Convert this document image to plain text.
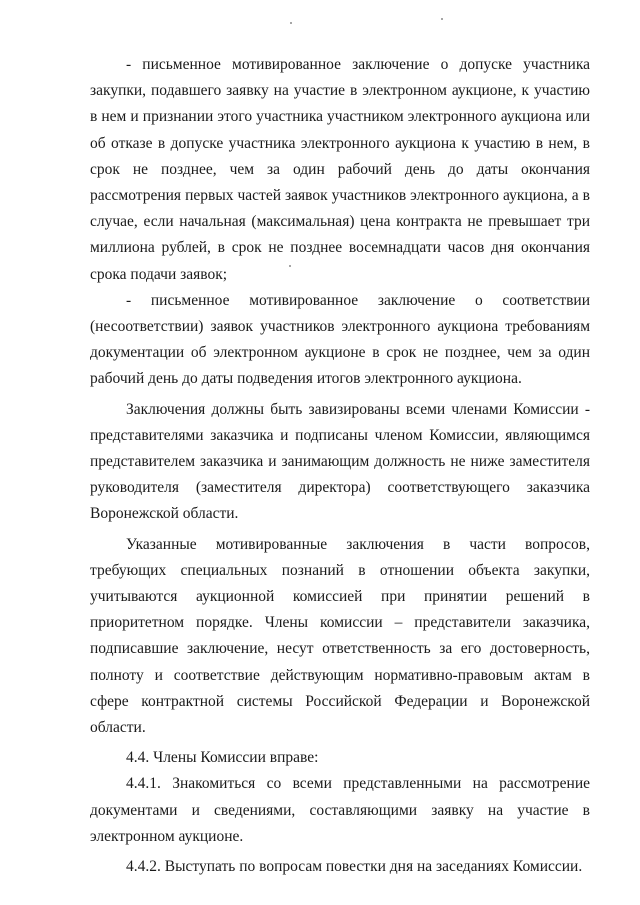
- письменное мотивированное заключение о допуске участника закупки, подавшего заявку на участие в электронном аукционе, к участию в нем и признании этого участника участником электронного аукциона или об отказе в допуске участника электронного аукциона к участию в нем, в срок не позднее, чем за один рабочий день до даты окончания рассмотрения первых частей заявок участников электронного аукциона, а в случае, если начальная (максимальная) цена контракта не превышает три миллиона рублей, в срок не позднее восемнадцати часов дня окончания срока подачи заявок;

- письменное мотивированное заключение о соответствии (несоответствии) заявок участников электронного аукциона требованиям документации об электронном аукционе в срок не позднее, чем за один рабочий день до даты подведения итогов электронного аукциона.

Заключения должны быть завизированы всеми членами Комиссии - представителями заказчика и подписаны членом Комиссии, являющимся представителем заказчика и занимающим должность не ниже заместителя руководителя (заместителя директора) соответствующего заказчика Воронежской области.

Указанные мотивированные заключения в части вопросов, требующих специальных познаний в отношении объекта закупки, учитываются аукционной комиссией при принятии решений в приоритетном порядке. Члены комиссии – представители заказчика, подписавшие заключение, несут ответственность за его достоверность, полноту и соответствие действующим нормативно-правовым актам в сфере контрактной системы Российской Федерации и Воронежской области.

4.4. Члены Комиссии вправе:

4.4.1. Знакомиться со всеми представленными на рассмотрение документами и сведениями, составляющими заявку на участие в электронном аукционе.

4.4.2. Выступать по вопросам повестки дня на заседаниях Комиссии.
